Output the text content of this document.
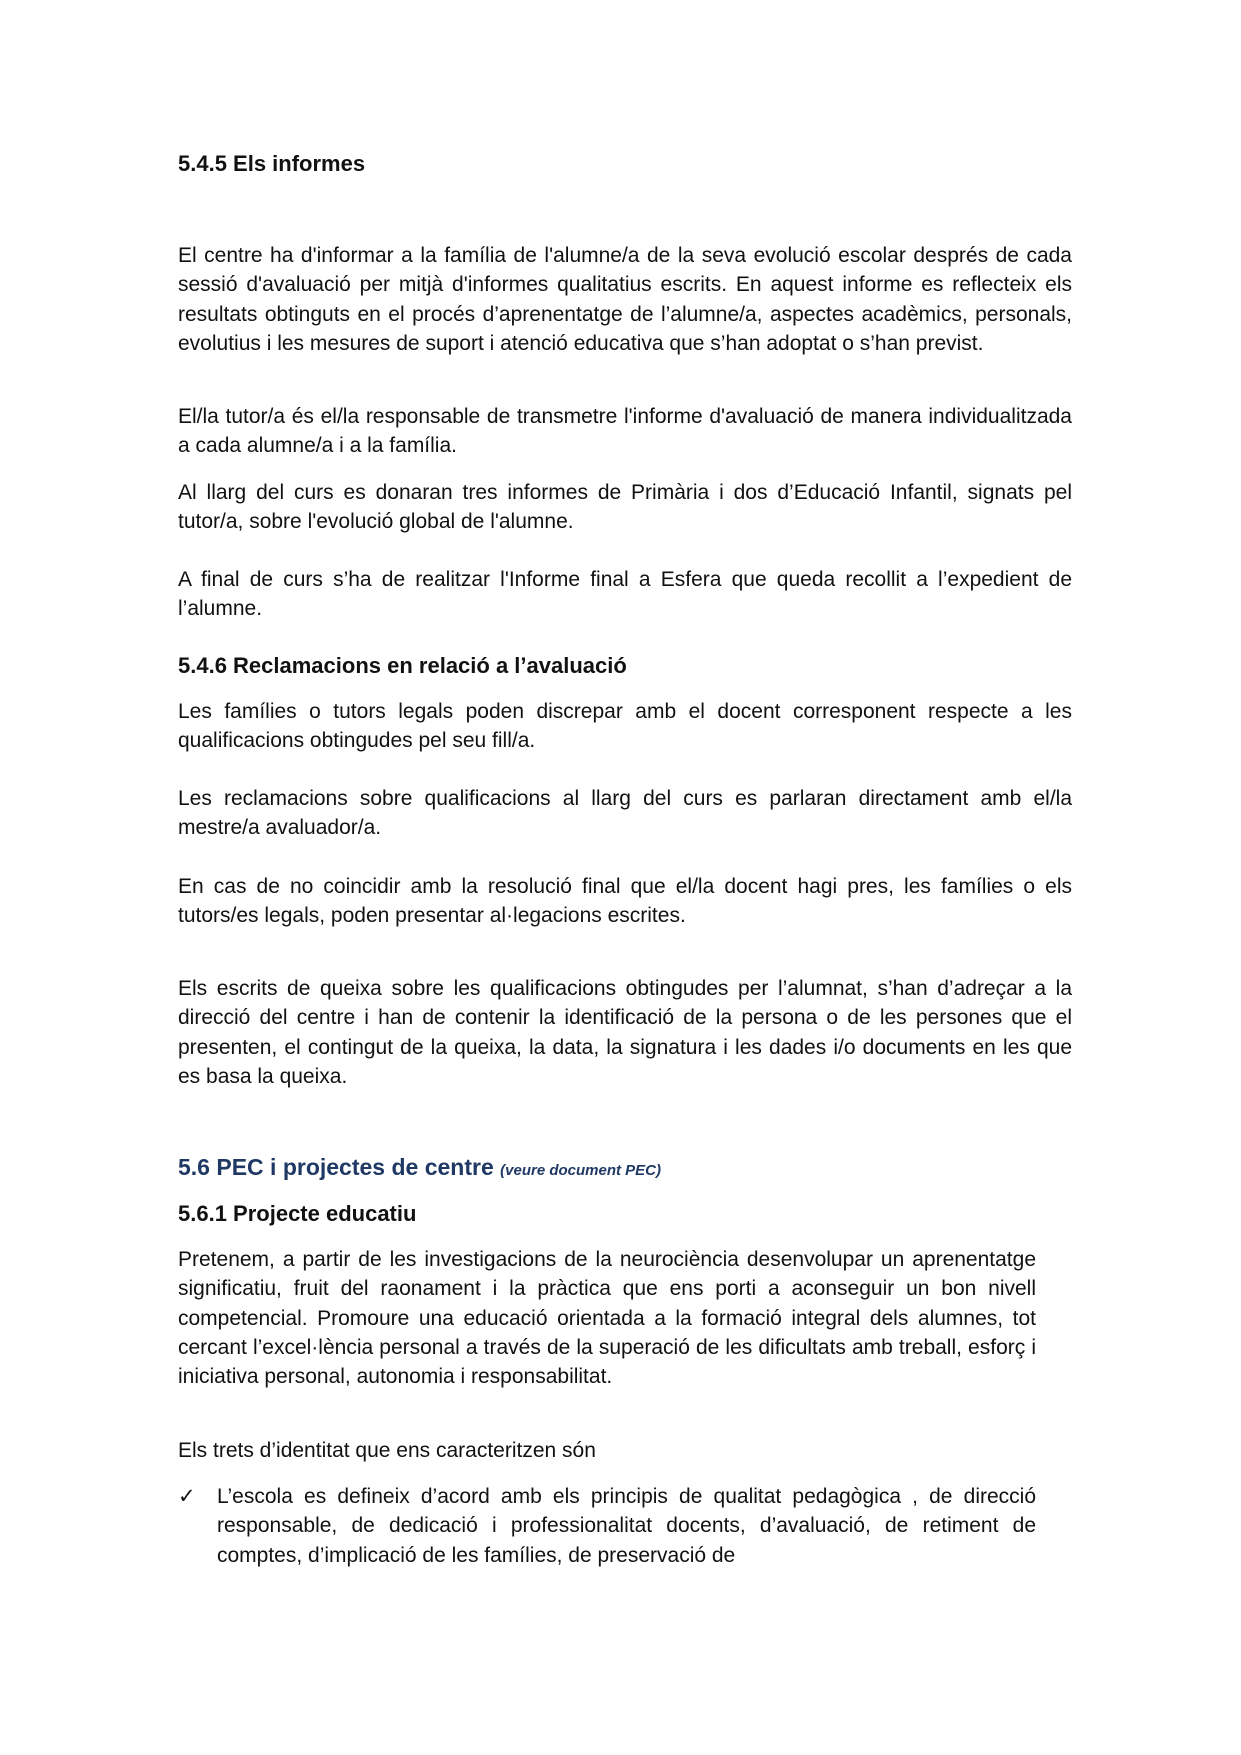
5.4.5 Els informes
El centre ha d'informar a la família de l'alumne/a de la seva evolució escolar després de cada sessió d'avaluació per mitjà d'informes qualitatius escrits. En aquest informe es reflecteix els resultats obtinguts en el procés d’aprenentatge de l’alumne/a, aspectes acadèmics, personals, evolutius i les mesures de suport i atenció educativa que s’han adoptat o s’han previst.
El/la tutor/a és el/la responsable de transmetre l'informe d'avaluació de manera individualitzada a cada alumne/a i a la família.
Al llarg del curs es donaran tres informes de Primària i dos d’Educació Infantil, signats pel tutor/a, sobre l'evolució global de l'alumne.
A final de curs s’ha de realitzar l'Informe final a Esfera que queda recollit a l’expedient de l’alumne.
5.4.6 Reclamacions en relació a l’avaluació
Les famílies o tutors legals poden discrepar amb el docent corresponent respecte a les qualificacions obtingudes pel seu fill/a.
Les reclamacions sobre qualificacions al llarg del curs es parlaran directament amb el/la mestre/a avaluador/a.
En cas de no coincidir amb la resolució final que el/la docent hagi pres, les famílies o els tutors/es legals, poden presentar al·legacions escrites.
Els escrits de queixa sobre les qualificacions obtingudes per l’alumnat, s’han d’adreçar a la direcció del centre i han de contenir la identificació de la persona o de les persones que el presenten, el contingut de la queixa, la data, la signatura i les dades i/o documents en les que es basa la queixa.
5.6 PEC i projectes de centre (veure document PEC)
5.6.1 Projecte educatiu
Pretenem, a partir de les investigacions de la neurociència desenvolupar un aprenentatge significatiu, fruit del raonament i la pràctica que ens porti a aconseguir un bon nivell competencial. Promoure una educació orientada a la formació integral dels alumnes, tot cercant l’excel·lència personal a través de la superació de les dificultats amb treball, esforç i iniciativa personal, autonomia i responsabilitat.
Els trets d’identitat que ens caracteritzen són
✓ L’escola es defineix d’acord amb els principis de qualitat pedagògica , de direcció responsable, de dedicació i professionalitat docents, d’avaluació, de retiment de comptes, d’implicació de les famílies, de preservació de
